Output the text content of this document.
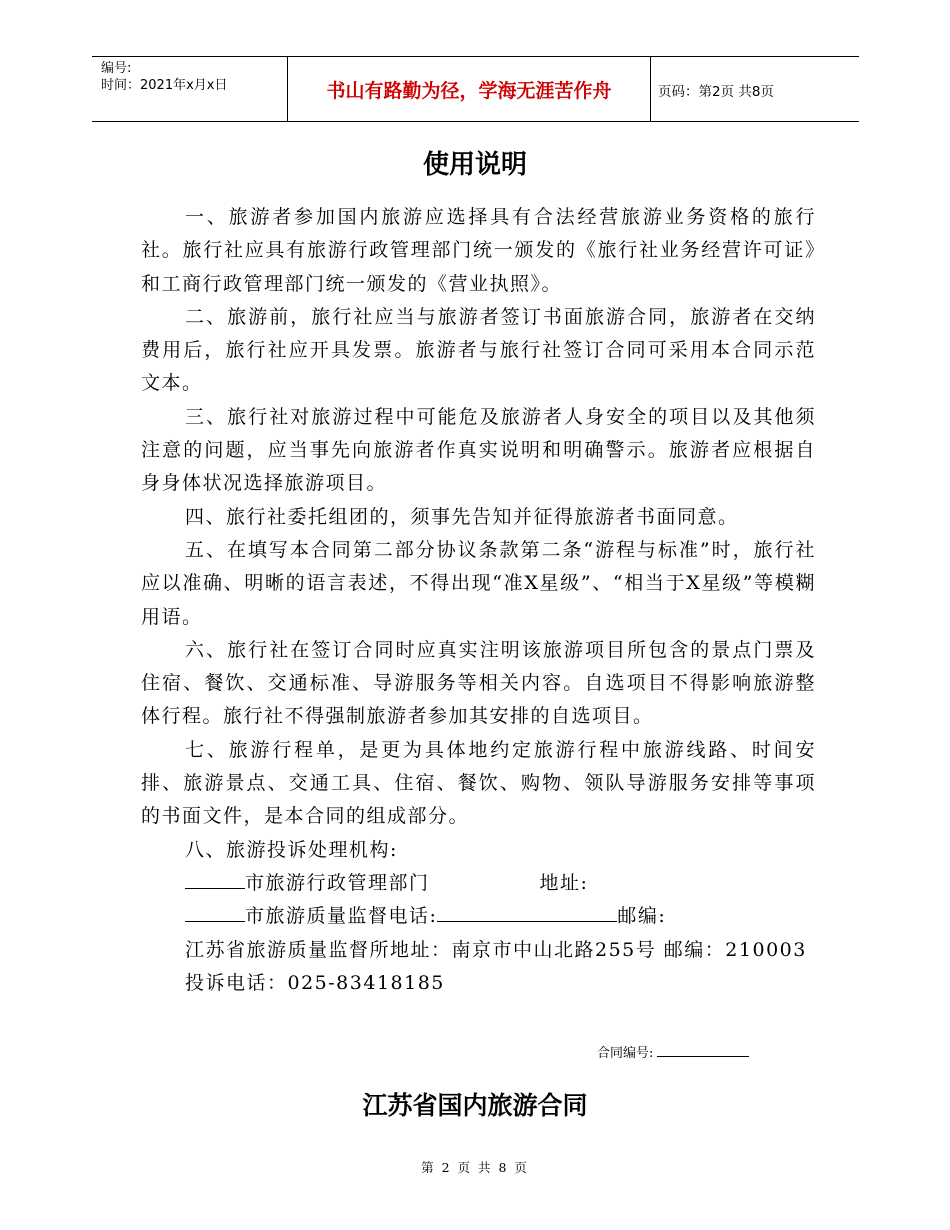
编号:
时间：2021年x月x日	书山有路勤为径，学海无涯苦作舟	页码：第2页 共8页
使用说明

一、旅游者参加国内旅游应选择具有合法经营旅游业务资格的旅行社。旅行社应具有旅游行政管理部门统一颁发的《旅行社业务经营许可证》和工商行政管理部门统一颁发的《营业执照》。

二、旅游前，旅行社应当与旅游者签订书面旅游合同，旅游者在交纳费用后，旅行社应开具发票。旅游者与旅行社签订合同可采用本合同示范文本。

三、旅行社对旅游过程中可能危及旅游者人身安全的项目以及其他须注意的问题，应当事先向旅游者作真实说明和明确警示。旅游者应根据自身身体状况选择旅游项目。

四、旅行社委托组团的，须事先告知并征得旅游者书面同意。

五、在填写本合同第二部分协议条款第二条“游程与标准”时，旅行社应以准确、明晰的语言表述，不得出现“准X星级”、“相当于X星级”等模糊用语。

六、旅行社在签订合同时应真实注明该旅游项目所包含的景点门票及住宿、餐饮、交通标准、导游服务等相关内容。自选项目不得影响旅游整体行程。旅行社不得强制旅游者参加其安排的自选项目。

七、旅游行程单，是更为具体地约定旅游行程中旅游线路、时间安排、旅游景点、交通工具、住宿、餐饮、购物、领队导游服务安排等事项的书面文件，是本合同的组成部分。

八、旅游投诉处理机构:

市旅游行政管理部门	地址:
市旅游质量监督电话:	邮编:

江苏省旅游质量监督所地址：南京市中山北路255号 邮编：210003

投诉电话：025-83418185
合同编号:
江苏省国内旅游合同
第 2 页 共 8 页
